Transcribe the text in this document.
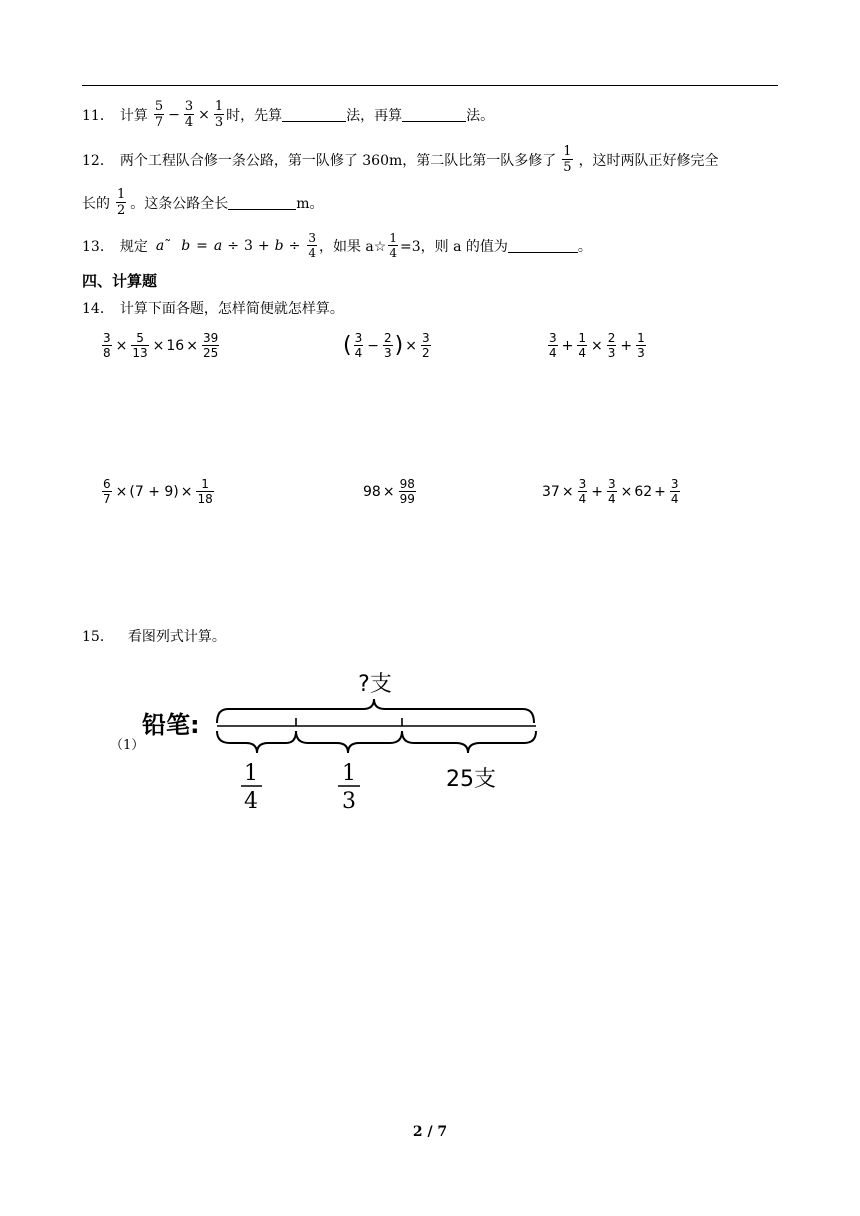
11． 计算 $\frac{5}{7} - \frac{3}{4} \times \frac{1}{3}$ 时，先算	法，再算	法。
12． 两个工程队合修一条公路，第一队修了 360m，第二队比第一队多修了 $\frac{1}{5}$ ，这时两队正好修完全
长的 $\frac{1}{2}$ 。这条公路全长	m。
13． 规定 a ˜ $b = a \div 3 + b \div \frac{3}{4}$ ，如果 a☆ $\frac{1}{4} =3$，则 a 的值为	。
四、计算题
14． 计算下面各题，怎样简便就怎样算。
$\frac{3}{8} \times \frac{5}{13} \times 16 \times \frac{39}{25}$	( $\frac{3}{4} - \frac{2}{3}$ ) × $\frac{3}{2}$	$\frac{3}{4} + \frac{1}{4} \times \frac{2}{3} + \frac{1}{3}$
$\frac{6}{7} \times (7 + 9) \times \frac{1}{18}$	$98 \times \frac{98}{99}$	$37 \times \frac{3}{4} + \frac{3}{4} \times 62 + \frac{3}{4}$
15． 看图列式计算。
（1）
铅笔:
?支
1
4
1
3
25支
2 / 7
